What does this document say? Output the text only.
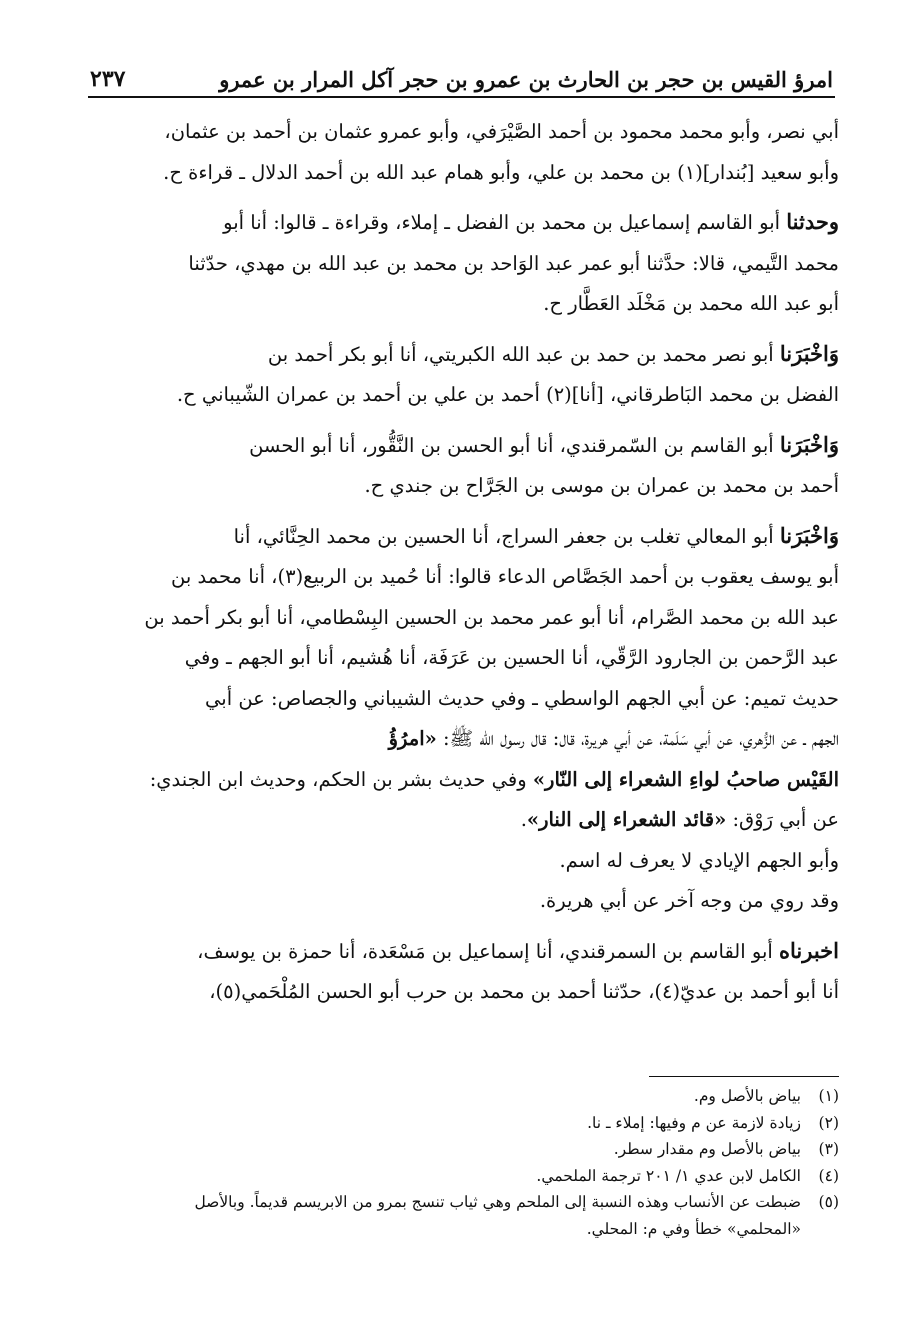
امرؤ القيس بن حجر بن الحارث بن عمرو بن حجر آكل المرار بن عمرو
٢٣٧

أبي نصر، وأبو محمد محمود بن أحمد الصَّيْرَفي، وأبو عمرو عثمان بن أحمد بن عثمان،

وأبو سعيد [بُندار](١) بن محمد بن علي، وأبو همام عبد الله بن أحمد الدلال ـ قراءة ح.

وحدثنا أبو القاسم إسماعيل بن محمد بن الفضل ـ إملاء، وقراءة ـ قالوا: أنا أبو

محمد التَّيمي، قالا: حدَّثنا أبو عمر عبد الوَاحد بن محمد بن عبد الله بن مهدي، حدّثنا

أبو عبد الله محمد بن مَخْلَد العَطَّار ح.

وَاخْبَرَنا أبو نصر محمد بن حمد بن عبد الله الكبريتي، أنا أبو بكر أحمد بن

الفضل بن محمد البَاطرقاني، [أنا](٢) أحمد بن علي بن أحمد بن عمران الشّيباني ح.

وَاخْبَرَنا أبو القاسم بن السّمرقندي، أنا أبو الحسن بن النَّقُّور، أنا أبو الحسن

أحمد بن محمد بن عمران بن موسى بن الجَرَّاح بن جندي ح.

وَاخْبَرَنا أبو المعالي تغلب بن جعفر السراج، أنا الحسين بن محمد الحِنَّائي، أنا

أبو يوسف يعقوب بن أحمد الجَصَّاص الدعاء قالوا: أنا حُميد بن الربيع(٣)، أنا محمد بن

عبد الله بن محمد الصَّرام، أنا أبو عمر محمد بن الحسين البِسْطامي، أنا أبو بكر أحمد بن

عبد الرَّحمن بن الجارود الرَّقّي، أنا الحسين بن عَرَفَة، أنا هُشيم، أنا أبو الجهم ـ وفي

حديث تميم: عن أبي الجهم الواسطي ـ وفي حديث الشيباني والجصاص: عن أبي

الجهم ـ عن الزُّهري، عن أبي سَلَمة، عن أبي هريرة، قال: قال رسول الله ﷺ: «امرُؤُ

القَيْس صاحبُ لواءِ الشعراء إلى النّار» وفي حديث بشر بن الحكم، وحديث ابن الجندي:

عن أبي رَوْق: «قائد الشعراء إلى النار».

وأبو الجهم الإيادي لا يعرف له اسم.

وقد روي من وجه آخر عن أبي هريرة.

اخبرناه أبو القاسم بن السمرقندي، أنا إسماعيل بن مَسْعَدة، أنا حمزة بن يوسف،

أنا أبو أحمد بن عديّ(٤)، حدّثنا أحمد بن محمد بن حرب أبو الحسن المُلْحَمي(٥)،

(١)
بياض بالأصل وم.

(٢)
زيادة لازمة عن م وفيها: إملاء ـ نا.

(٣)
بياض بالأصل وم مقدار سطر.

(٤)
الكامل لابن عدي ١/ ٢٠١ ترجمة الملحمي.

(٥)
ضبطت عن الأنساب وهذه النسبة إلى الملحم وهي ثياب تنسج بمرو من الابريسم قديماً. وبالأصل
«المحلمي» خطأ وفي م: المحلي.
